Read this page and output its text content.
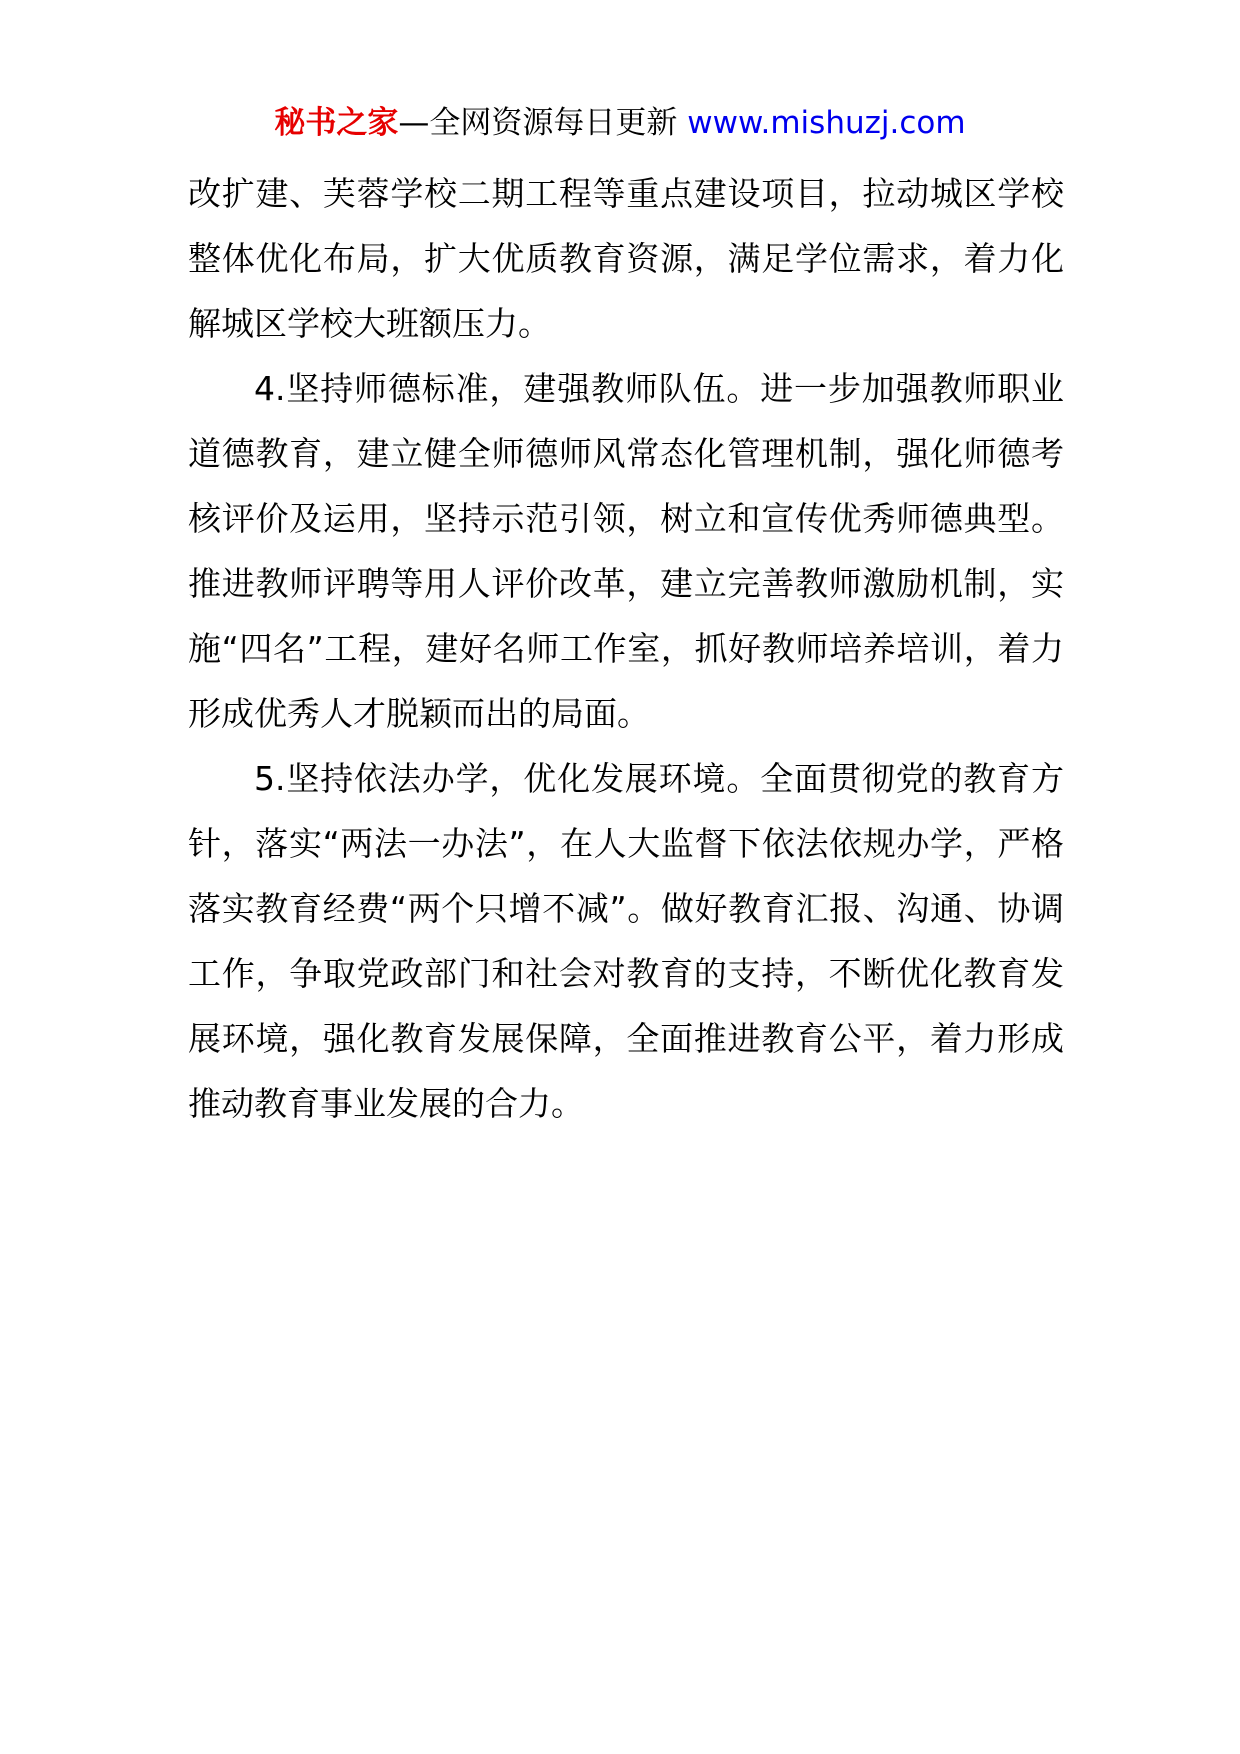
秘书之家—全网资源每日更新 www.mishuzj.com

改扩建、芙蓉学校二期工程等重点建设项目，拉动城区学校整体优化布局，扩大优质教育资源，满足学位需求，着力化解城区学校大班额压力。

4.坚持师德标准，建强教师队伍。进一步加强教师职业道德教育，建立健全师德师风常态化管理机制，强化师德考核评价及运用，坚持示范引领，树立和宣传优秀师德典型。推进教师评聘等用人评价改革，建立完善教师激励机制，实施“四名”工程，建好名师工作室，抓好教师培养培训，着力形成优秀人才脱颖而出的局面。

5.坚持依法办学，优化发展环境。全面贯彻党的教育方针，落实“两法一办法”，在人大监督下依法依规办学，严格落实教育经费“两个只增不减”。做好教育汇报、沟通、协调工作，争取党政部门和社会对教育的支持，不断优化教育发展环境，强化教育发展保障，全面推进教育公平，着力形成推动教育事业发展的合力。
